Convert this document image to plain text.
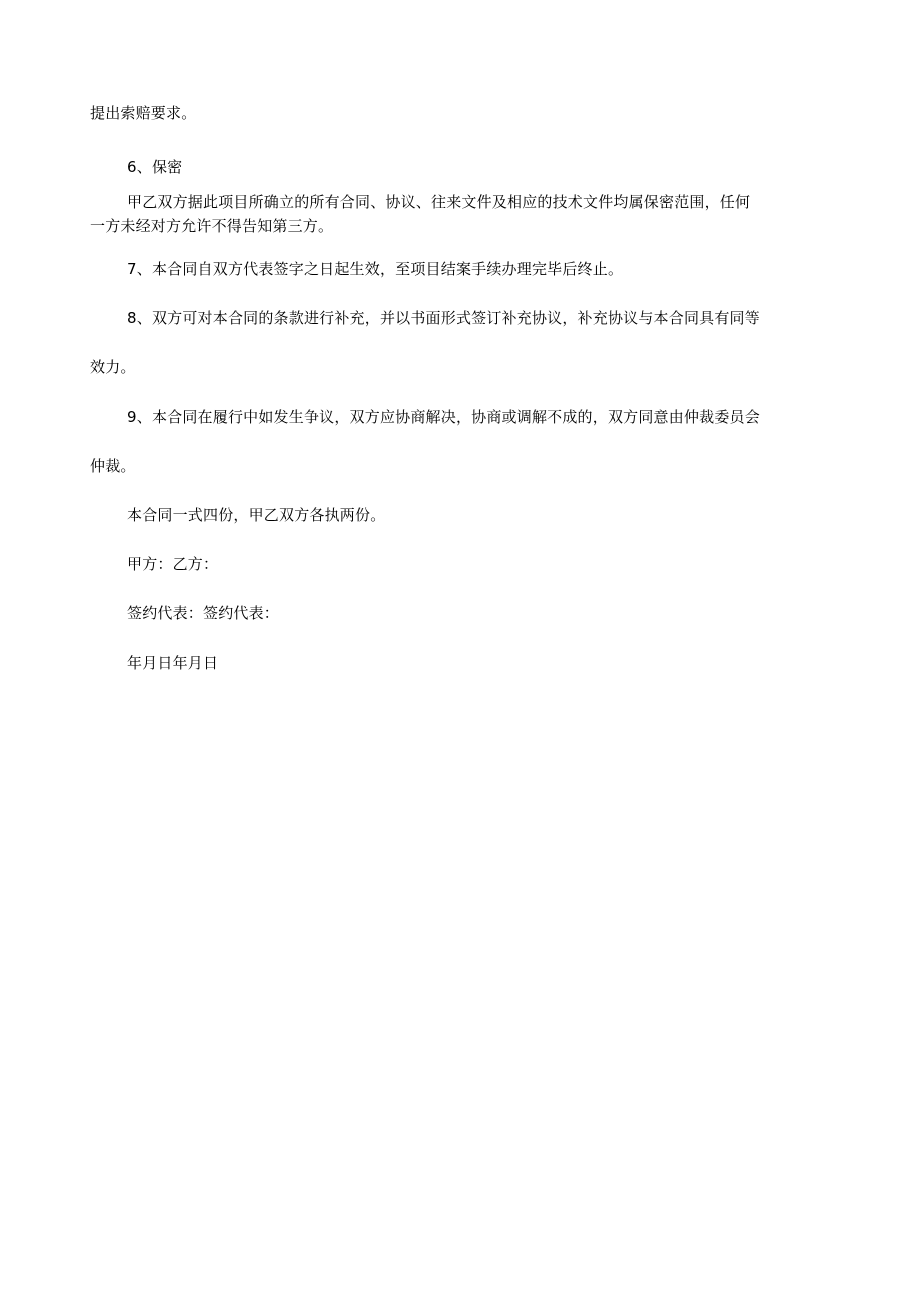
提出索赔要求。
6、保密
甲乙双方据此项目所确立的所有合同、协议、往来文件及相应的技术文件均属保密范围，任何
一方未经对方允许不得告知第三方。
7、本合同自双方代表签字之日起生效，至项目结案手续办理完毕后终止。
8、双方可对本合同的条款进行补充，并以书面形式签订补充协议，补充协议与本合同具有同等
效力。
9、本合同在履行中如发生争议，双方应协商解决，协商或调解不成的，双方同意由仲裁委员会
仲裁。
本合同一式四份，甲乙双方各执两份。
甲方：乙方：
签约代表：签约代表：
年月日年月日
